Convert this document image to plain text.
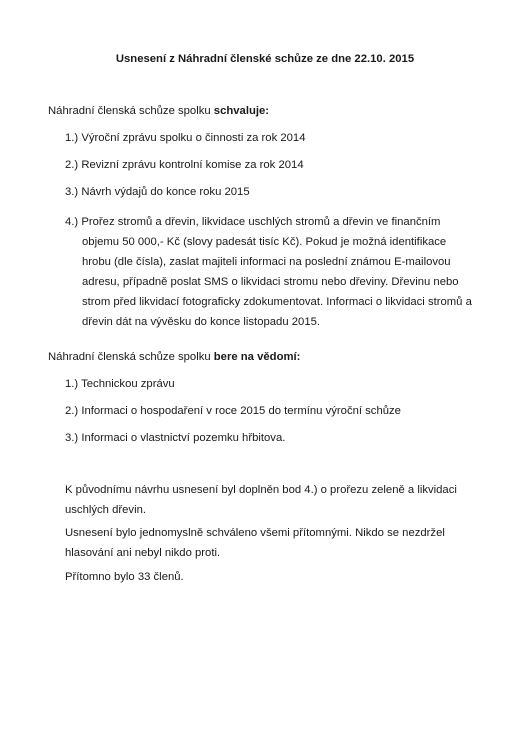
Usnesení z Náhradní členské schůze ze dne 22.10. 2015

Náhradní členská schůze spolku schvaluje:

1.) Výroční zprávu spolku o činnosti za rok 2014
2.) Revizní zprávu kontrolní komise za rok 2014
3.) Návrh výdajů do konce roku 2015
4.) Prořez stromů a dřevin, likvidace uschlých stromů a dřevin ve finančním objemu 50 000,- Kč (slovy padesát tisíc Kč). Pokud je možná identifikace hrobu (dle čísla), zaslat majiteli informaci na poslední známou E-mailovou adresu, případně poslat SMS o likvidaci stromu nebo dřeviny. Dřevinu nebo strom před likvidací fotograficky zdokumentovat. Informaci o likvidaci stromů a dřevin dát na vývěsku do konce listopadu 2015.

Náhradní členská schůze spolku bere na vědomí:

1.) Technickou zprávu
2.) Informaci o hospodaření v roce 2015 do termínu výroční schůze
3.) Informaci o vlastnictví pozemku hřbitova.

K původnímu návrhu usnesení byl doplněn bod 4.) o prořezu zeleně a likvidaci uschlých dřevin.

Usnesení bylo jednomyslně schváleno všemi přítomnými. Nikdo se nezdržel hlasování ani nebyl nikdo proti.

Přítomno bylo 33 členů.
